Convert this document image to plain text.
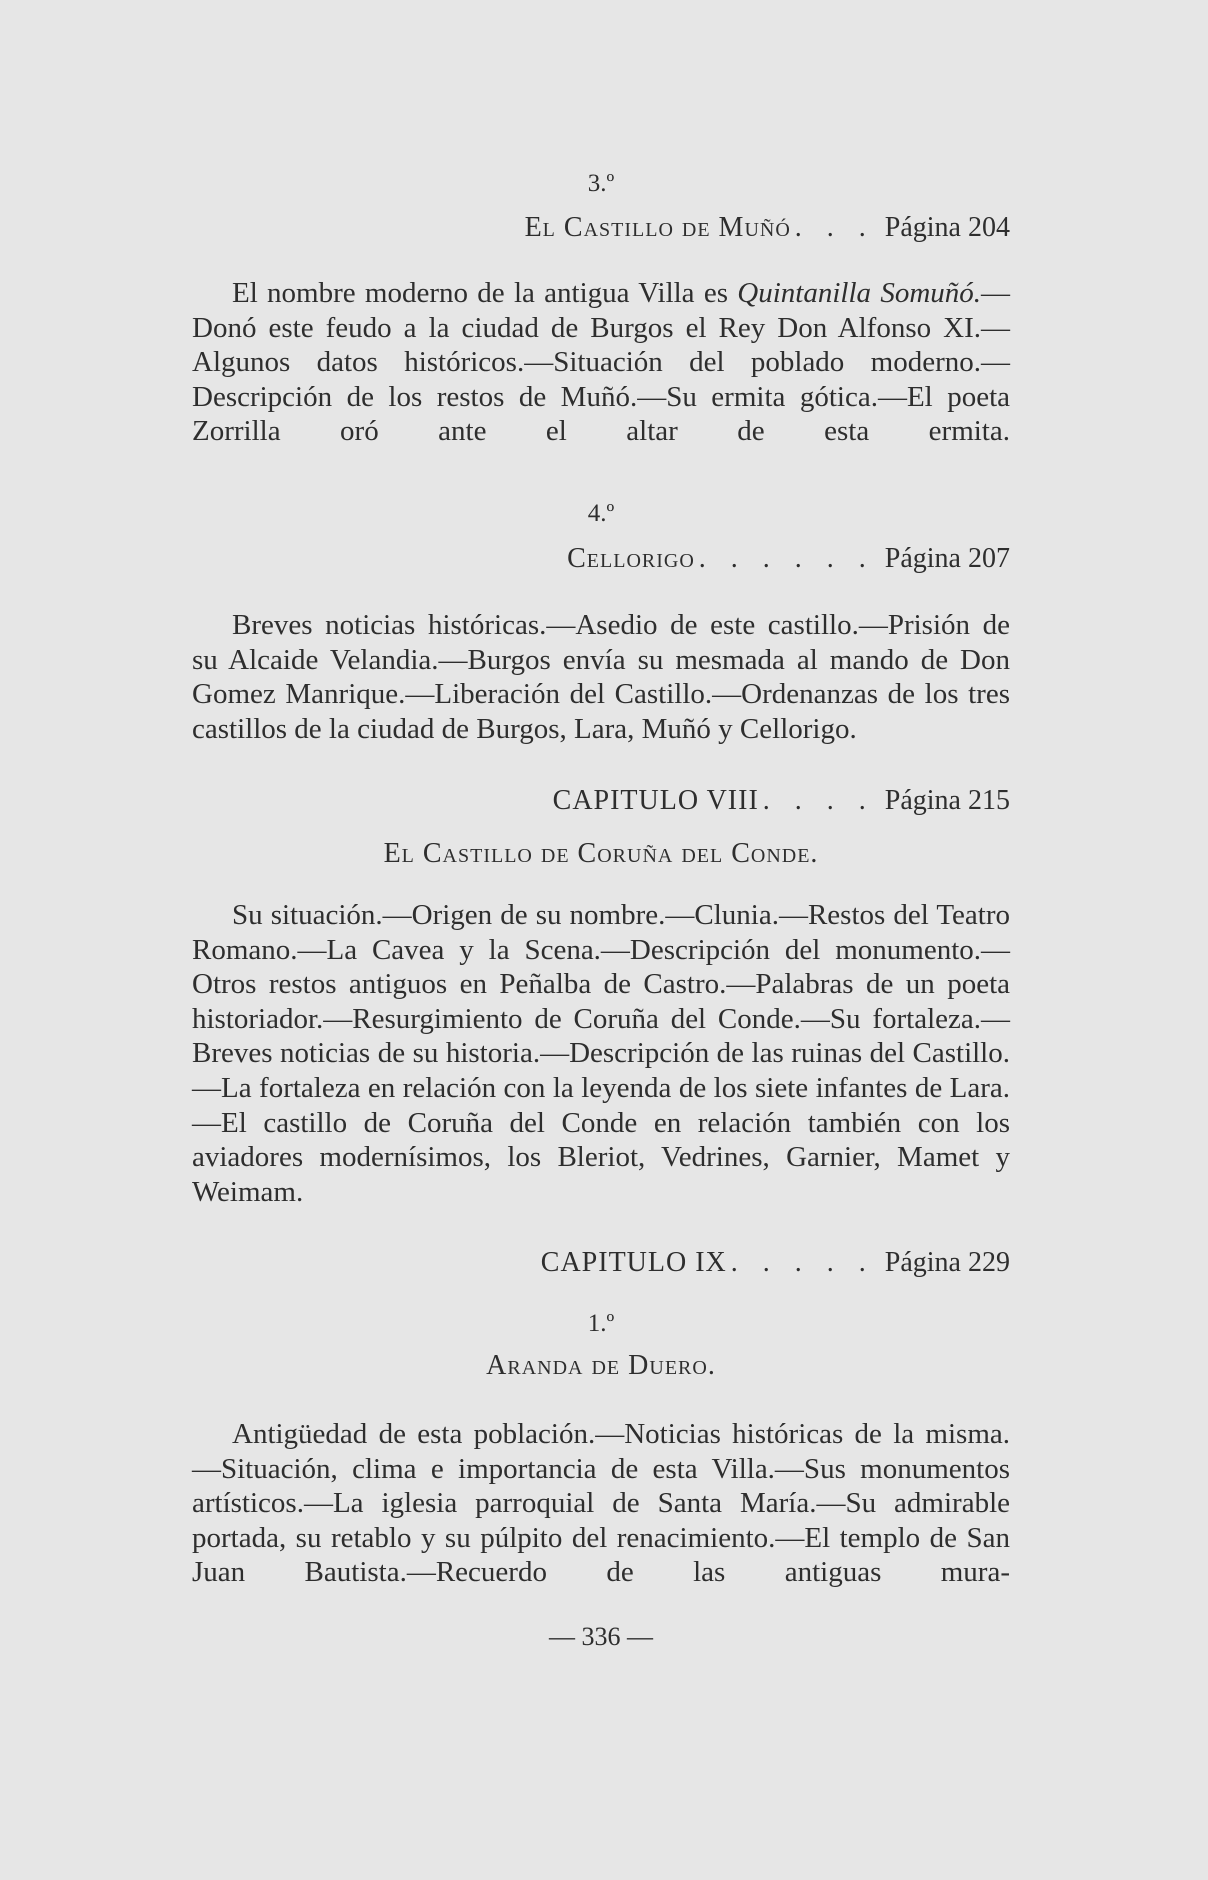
3.º
El Castillo de Muñó . . . Página 204
El nombre moderno de la antigua Villa es Quintanilla Somuñó.—Donó este feudo a la ciudad de Burgos el Rey Don Alfonso XI.—Algunos datos históricos.—Situación del poblado moderno.—Descripción de los restos de Muñó.—Su ermita gótica.—El poeta Zorrilla oró ante el altar de esta ermita.
4.º
Cellorigo . . . . . . Página 207
Breves noticias históricas.—Asedio de este castillo.—Prisión de su Alcaide Velandia.—Burgos envía su mesmada al mando de Don Gomez Manrique.—Liberación del Castillo.—Ordenanzas de los tres castillos de la ciudad de Burgos, Lara, Muñó y Cellorigo.
CAPITULO VIII . . . . Página 215
El Castillo de Coruña del Conde.
Su situación.—Origen de su nombre.—Clunia.—Restos del Teatro Romano.—La Cavea y la Scena.—Descripción del monumento.—Otros restos antiguos en Peñalba de Castro.—Palabras de un poeta historiador.—Resurgimiento de Coruña del Conde.—Su fortaleza.—Breves noticias de su historia.—Descripción de las ruinas del Castillo.—La fortaleza en relación con la leyenda de los siete infantes de Lara.—El castillo de Coruña del Conde en relación también con los aviadores modernísimos, los Bleriot, Vedrines, Garnier, Mamet y Weimam.
CAPITULO IX . . . . . Página 229
1.º
Aranda de Duero.
Antigüedad de esta población.—Noticias históricas de la misma.—Situación, clima e importancia de esta Villa.—Sus monumentos artísticos.—La iglesia parroquial de Santa María.—Su admirable portada, su retablo y su púlpito del renacimiento.—El templo de San Juan Bautista.—Recuerdo de las antiguas mura-
— 336 —
